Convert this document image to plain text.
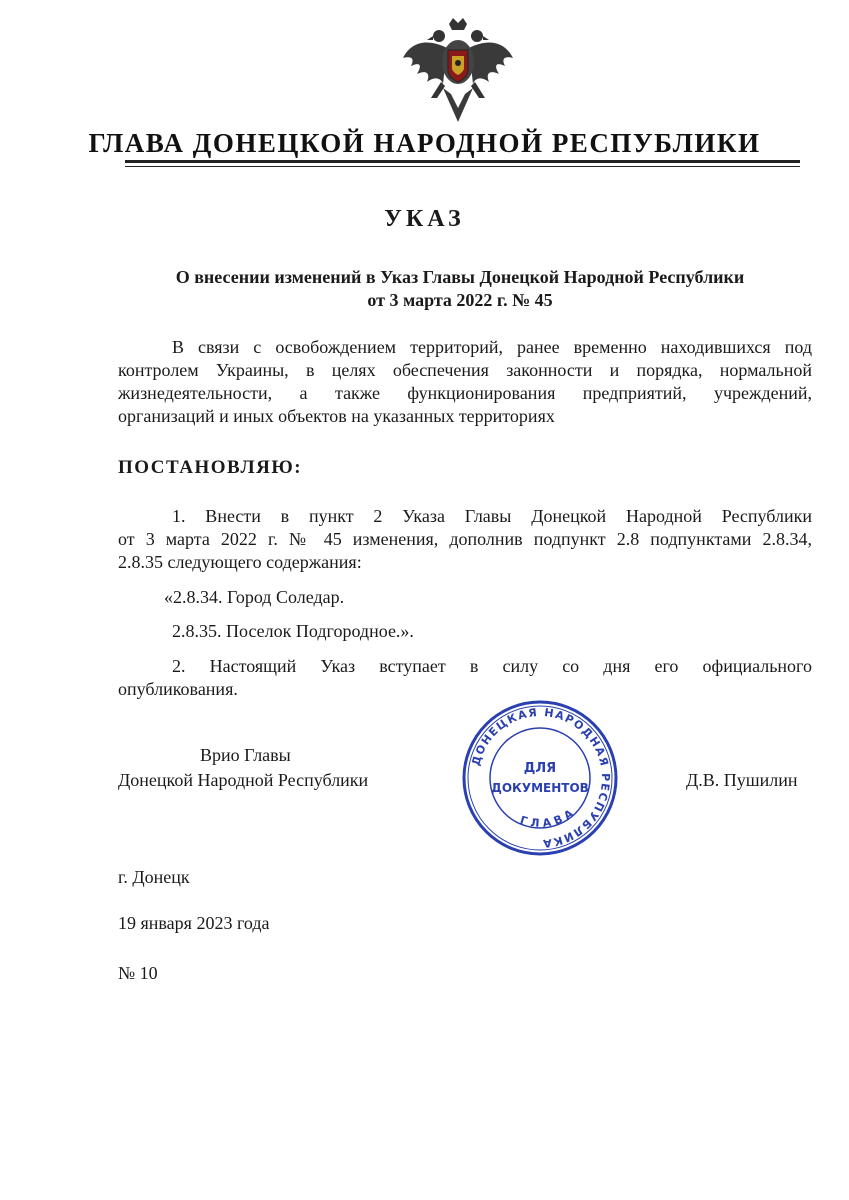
ГЛАВА ДОНЕЦКОЙ НАРОДНОЙ РЕСПУБЛИКИ
УКАЗ
О внесении изменений в Указ Главы Донецкой Народной Республики
от 3 марта 2022 г. № 45
В связи с освобождением территорий, ранее временно находившихся под
контролем Украины, в целях обеспечения законности и порядка, нормальной
жизнедеятельности, а также функционирования предприятий, учреждений,
организаций и иных объектов на указанных территориях
ПОСТАНОВЛЯЮ:
1. Внести в пункт 2 Указа Главы Донецкой Народной Республики
от 3 марта 2022 г. № 45 изменения, дополнив подпункт 2.8 подпунктами 2.8.34,
2.8.35 следующего содержания:
«2.8.34. Город Соледар.
2.8.35. Поселок Подгородное.».
2. Настоящий Указ вступает в силу со дня его официального
опубликования.
ДОНЕЦКАЯ НАРОДНАЯ РЕСПУБЛИКА
ГЛАВА
ДЛЯ
ДОКУМЕНТОВ
Врио Главы
Донецкой Народной Республики	Д.В. Пушилин
г. Донецк
19 января 2023 года
№ 10
